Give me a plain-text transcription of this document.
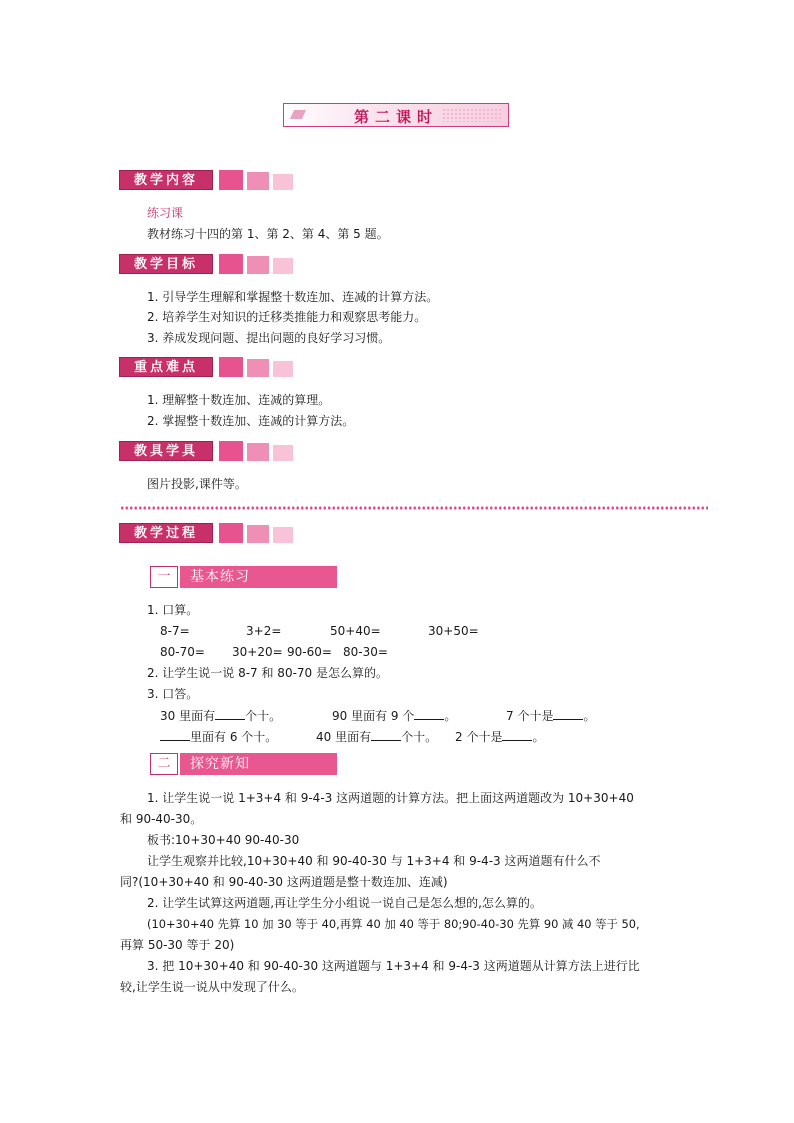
第二课时
教学内容
练习课
教材练习十四的第 1、第 2、第 4、第 5 题。
教学目标
1. 引导学生理解和掌握整十数连加、连减的计算方法。
2. 培养学生对知识的迁移类推能力和观察思考能力。
3. 养成发现问题、提出问题的良好学习习惯。
重点难点
1. 理解整十数连加、连减的算理。
2. 掌握整十数连加、连减的计算方法。
教具学具
图片投影,课件等。
教学过程
一	基本练习
1. 口算。
8-7=	3+2=	50+40=	30+50=
80-70= 30+20= 90-60= 80-30=
2. 让学生说一说 8-7 和 80-70 是怎么算的。
3. 口答。
30 里面有	个十。	90 里面有 9 个	。	7 个十是	。
里面有 6 个十。	40 里面有	个十。 2 个十是	。
二	探究新知
1. 让学生说一说 1+3+4 和 9-4-3 这两道题的计算方法。把上面这两道题改为 10+30+40
和 90-40-30。
板书:10+30+40 90-40-30
让学生观察并比较,10+30+40 和 90-40-30 与 1+3+4 和 9-4-3 这两道题有什么不
同?(10+30+40 和 90-40-30 这两道题是整十数连加、连减)
2. 让学生试算这两道题,再让学生分小组说一说自己是怎么想的,怎么算的。
(10+30+40 先算 10 加 30 等于 40,再算 40 加 40 等于 80;90-40-30 先算 90 减 40 等于 50,
再算 50-30 等于 20)
3. 把 10+30+40 和 90-40-30 这两道题与 1+3+4 和 9-4-3 这两道题从计算方法上进行比
较,让学生说一说从中发现了什么。
